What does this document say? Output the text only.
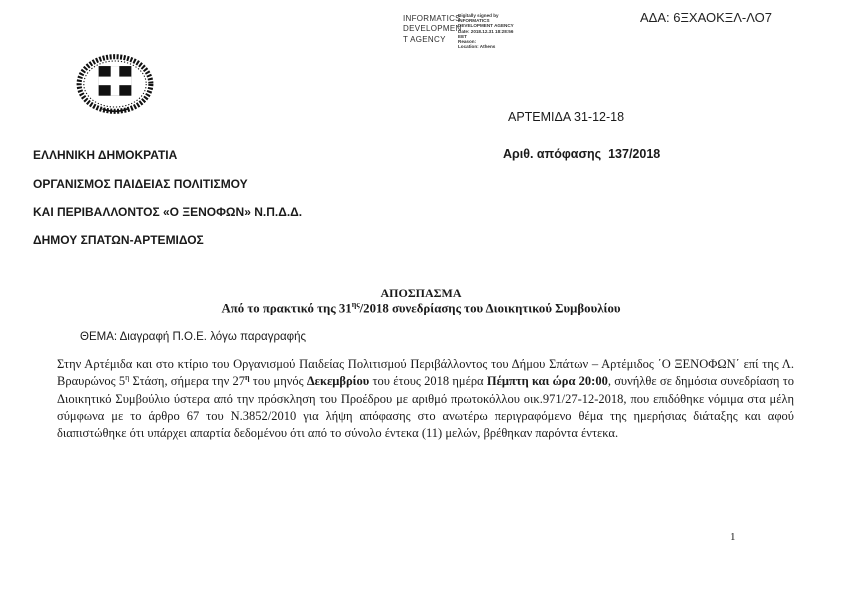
INFORMATICS
DEVELOPMEN
T AGENCY
Digitally signed by
INFORMATICS
DEVELOPMENT AGENCY
Date: 2018.12.31 18:28:56
EET
Reason:
Location: Athens
ΑΔΑ: 6ΞΧΑΟΚΞΛ-ΛΟ7
ΑΡΤΕΜΙΔΑ 31-12-18
Αριθ. απόφασης  137/2018
ΕΛΛΗΝΙΚΗ ΔΗΜΟΚΡΑΤΙΑ
ΟΡΓΑΝΙΣΜΟΣ ΠΑΙΔΕΙΑΣ ΠΟΛΙΤΙΣΜΟΥ
ΚΑΙ ΠΕΡΙΒΑΛΛΟΝΤΟΣ «Ο ΞΕΝΟΦΩΝ» Ν.Π.Δ.Δ.
ΔΗΜΟΥ ΣΠΑΤΩΝ-ΑΡΤΕΜΙΔΟΣ
ΑΠΟΣΠΑΣΜΑ
Από το πρακτικό της $31^{\eta\varsigma}/2018$ συνεδρίασης του Διοικητικού Συμβουλίου
ΘΕΜΑ: Διαγραφή Π.Ο.Ε. λόγω παραγραφής
Στην Αρτέμιδα και στο κτίριο του Οργανισμού Παιδείας Πολιτισμού Περιβάλλοντος του Δήμου Σπάτων – Αρτέμιδος ΄Ο ΞΕΝΟΦΩΝ΄ επί της Λ. Βραυρώνος $5^\eta$ Στάση, σήμερα την $27^\eta$ του μηνός Δεκεμβρίου του έτους 2018 ημέρα Πέμπτη και ώρα 20:00, συνήλθε σε δημόσια συνεδρίαση το Διοικητικό Συμβούλιο ύστερα από την πρόσκληση του Προέδρου με αριθμό πρωτοκόλλου οικ.971/27-12-2018, που επιδόθηκε νόμιμα στα μέλη σύμφωνα με το άρθρο 67 του Ν.3852/2010 για λήψη απόφασης στο ανωτέρω περιγραφόμενο θέμα της ημερήσιας διάταξης και αφού διαπιστώθηκε ότι υπάρχει απαρτία δεδομένου ότι από το σύνολο έντεκα (11) μελών, βρέθηκαν παρόντα έντεκα.
1
